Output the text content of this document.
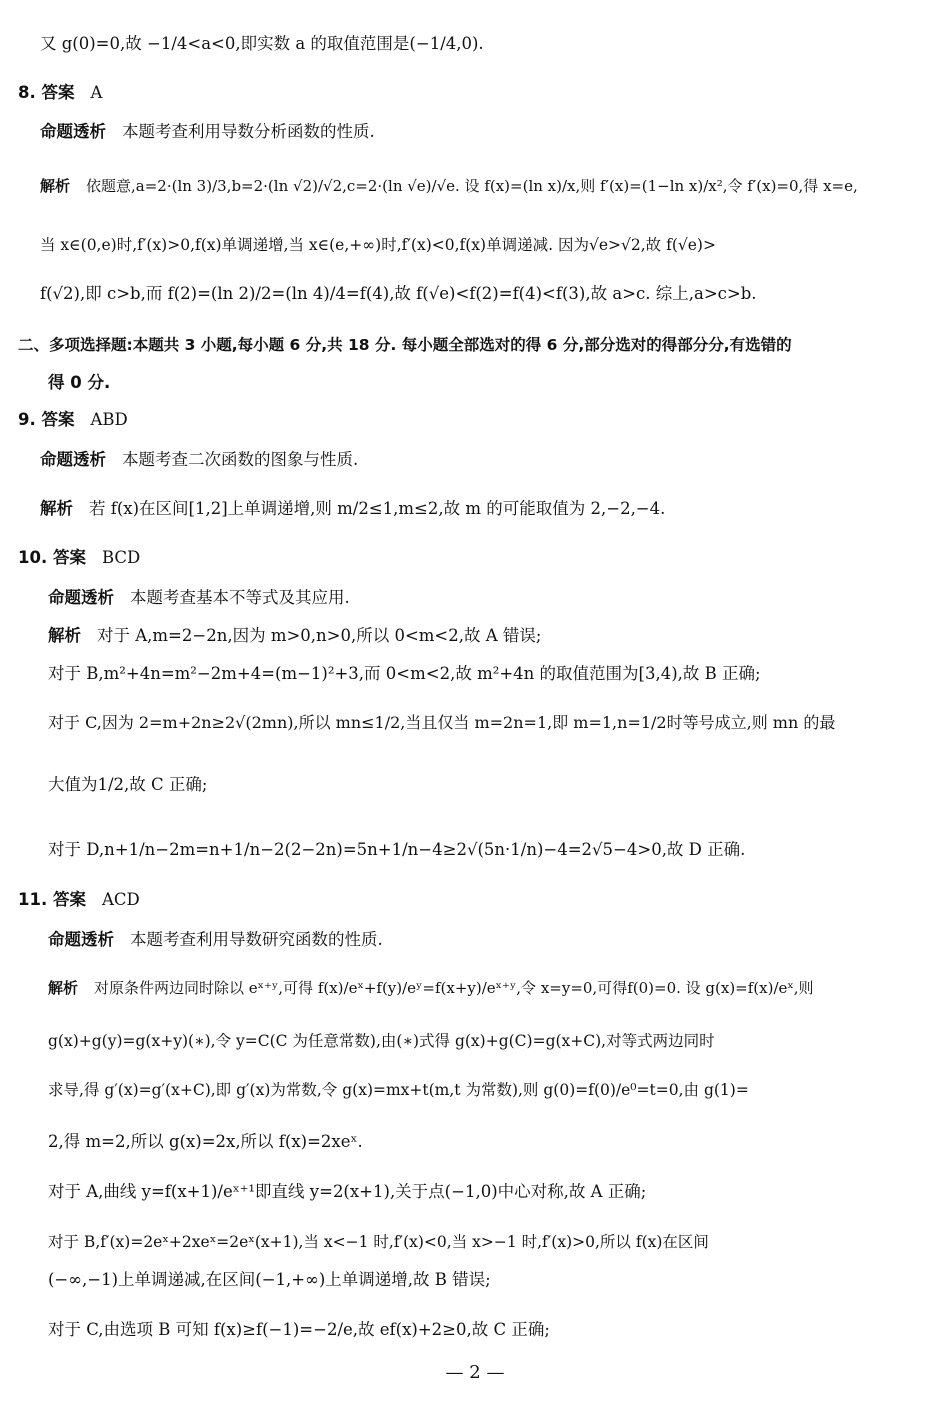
又 g(0)=0,故 −1/4<a<0,即实数 a 的取值范围是(−1/4,0).
8. 答案 A
命题透析 本题考查利用导数分析函数的性质.
解析 依题意,a=2·(ln 3)/3,b=2·(ln √2)/√2,c=2·(ln √e)/√e. 设 f(x)=(ln x)/x,则 f′(x)=(1−ln x)/x²,令 f′(x)=0,得 x=e,
当 x∈(0,e)时,f′(x)>0,f(x)单调递增,当 x∈(e,+∞)时,f′(x)<0,f(x)单调递减. 因为√e>√2,故 f(√e)>
f(√2),即 c>b,而 f(2)=(ln 2)/2=(ln 4)/4=f(4),故 f(√e)<f(2)=f(4)<f(3),故 a>c. 综上,a>c>b.
二、多项选择题:本题共 3 小题,每小题 6 分,共 18 分. 每小题全部选对的得 6 分,部分选对的得部分分,有选错的
得 0 分.
9. 答案 ABD
命题透析 本题考查二次函数的图象与性质.
解析 若 f(x)在区间[1,2]上单调递增,则 m/2≤1,m≤2,故 m 的可能取值为 2,−2,−4.
10. 答案 BCD
命题透析 本题考查基本不等式及其应用.
解析 对于 A,m=2−2n,因为 m>0,n>0,所以 0<m<2,故 A 错误;
对于 B,m²+4n=m²−2m+4=(m−1)²+3,而 0<m<2,故 m²+4n 的取值范围为[3,4),故 B 正确;
对于 C,因为 2=m+2n≥2√(2mn),所以 mn≤1/2,当且仅当 m=2n=1,即 m=1,n=1/2时等号成立,则 mn 的最
大值为1/2,故 C 正确;
对于 D,n+1/n−2m=n+1/n−2(2−2n)=5n+1/n−4≥2√(5n·1/n)−4=2√5−4>0,故 D 正确.
11. 答案 ACD
命题透析 本题考查利用导数研究函数的性质.
解析 对原条件两边同时除以 eˣ⁺ʸ,可得 f(x)/eˣ+f(y)/eʸ=f(x+y)/eˣ⁺ʸ,令 x=y=0,可得f(0)=0. 设 g(x)=f(x)/eˣ,则
g(x)+g(y)=g(x+y)(∗),令 y=C(C 为任意常数),由(∗)式得 g(x)+g(C)=g(x+C),对等式两边同时
求导,得 g′(x)=g′(x+C),即 g′(x)为常数,令 g(x)=mx+t(m,t 为常数),则 g(0)=f(0)/e⁰=t=0,由 g(1)=
2,得 m=2,所以 g(x)=2x,所以 f(x)=2xeˣ.
对于 A,曲线 y=f(x+1)/eˣ⁺¹即直线 y=2(x+1),关于点(−1,0)中心对称,故 A 正确;
对于 B,f′(x)=2eˣ+2xeˣ=2eˣ(x+1),当 x<−1 时,f′(x)<0,当 x>−1 时,f′(x)>0,所以 f(x)在区间
(−∞,−1)上单调递减,在区间(−1,+∞)上单调递增,故 B 错误;
对于 C,由选项 B 可知 f(x)≥f(−1)=−2/e,故 ef(x)+2≥0,故 C 正确;
— 2 —
